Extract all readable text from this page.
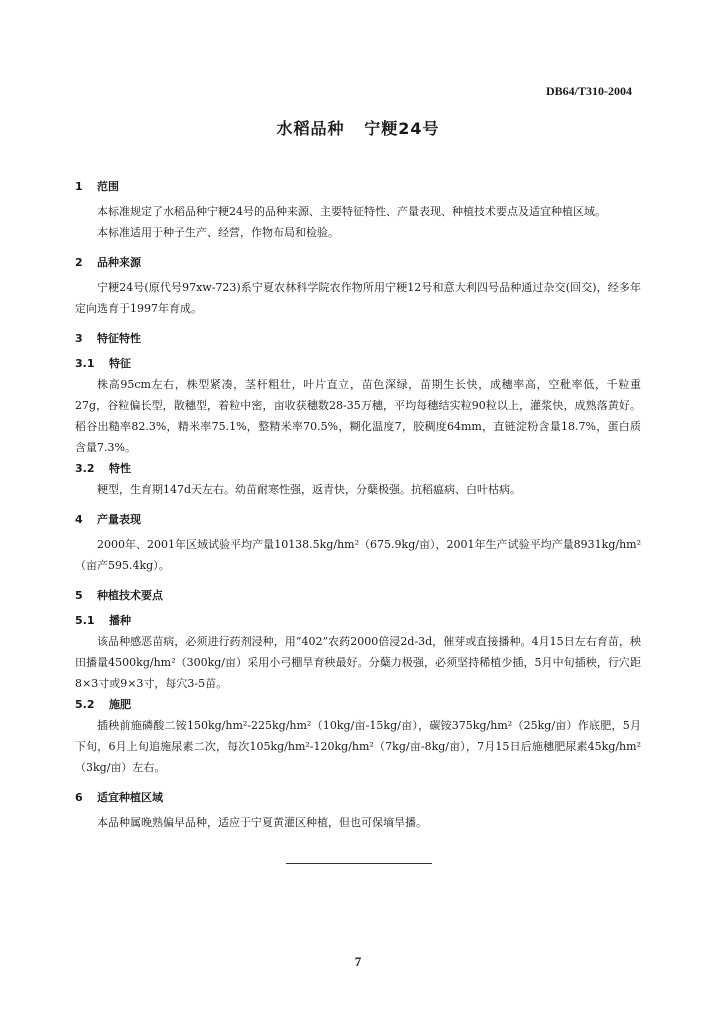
DB64/T310-2004
水稻品种   宁粳24号
1 范围

本标准规定了水稻品种宁粳24号的品种来源、主要特征特性、产量表现、种植技术要点及适宜种植区域。

本标准适用于种子生产、经营，作物布局和检验。

2 品种来源

宁粳24号(原代号97xw-723)系宁夏农林科学院农作物所用宁粳12号和意大利四号品种通过杂交(回交)，经多年定向选育于1997年育成。

3 特征特性
3.1 特征

株高95cm左右，株型紧凑，茎杆粗壮，叶片直立，苗色深绿，苗期生长快，成穗率高，空秕率低，千粒重27g，谷粒偏长型，散穗型，着粒中密，亩收获穗数28-35万穗，平均每穗结实粒90粒以上，灌浆快，成熟落黄好。稻谷出糙率82.3%，精米率75.1%，整精米率70.5%，糊化温度7，胶稠度64mm，直链淀粉含量18.7%，蛋白质含量7.3%。

3.2 特性

粳型，生育期147d天左右。幼苗耐寒性强，返青快，分蘖极强。抗稻瘟病、白叶枯病。

4 产量表现

2000年、2001年区域试验平均产量10138.5kg/hm²（675.9kg/亩），2001年生产试验平均产量8931kg/hm²（亩产595.4kg）。

5 种植技术要点
5.1 播种

该品种感恶苗病，必须进行药剂浸种，用“402”农药2000倍浸2d-3d，催芽或直接播种。4月15日左右育苗，秧田播量4500kg/hm²（300kg/亩）采用小弓棚旱育秧最好。分蘖力极强，必须坚持稀植少插，5月中旬插秧，行穴距8×3寸或9×3寸，每穴3-5苗。

5.2 施肥

插秧前施磷酸二铵150kg/hm²-225kg/hm²（10kg/亩-15kg/亩），碳铵375kg/hm²（25kg/亩）作底肥，5月下旬，6月上旬追施尿素二次，每次105kg/hm²-120kg/hm²（7kg/亩-8kg/亩），7月15日后施穗肥尿素45kg/hm²（3kg/亩）左右。

6 适宜种植区域

本品种属晚熟偏早品种，适应于宁夏黄灌区种植，但也可保墒旱播。

7
